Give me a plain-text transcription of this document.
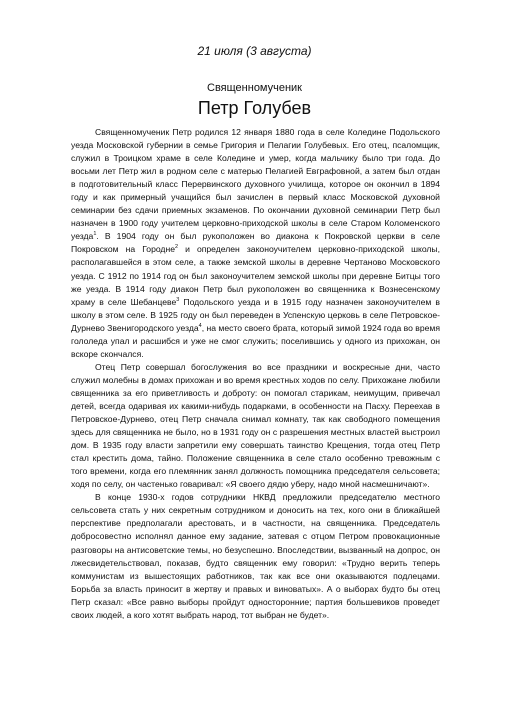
21 июля (3 августа)
Священномученик
Петр Голубев

Священномученик Петр родился 12 января 1880 года в селе Коледине Подольского уезда Московской губернии в семье Григория и Пелагии Голубевых. Его отец, псаломщик, служил в Троицком храме в селе Коледине и умер, когда мальчику было три года. До восьми лет Петр жил в родном селе с матерью Пелагией Евграфовной, а затем был отдан в подготовительный класс Перервинского духовного училища, которое он окончил в 1894 году и как примерный учащийся был зачислен в первый класс Московской духовной семинарии без сдачи приемных экзаменов. По окончании духовной семинарии Петр был назначен в 1900 году учителем церковно-приходской школы в селе Старом Коломенского уезда$^1$. В 1904 году он был рукоположен во диакона к Покровской церкви в селе Покровском на Городне$^2$ и определен законоучителем церковно-приходской школы, располагавшейся в этом селе, а также земской школы в деревне Чертаново Московского уезда. С 1912 по 1914 год он был законоучителем земской школы при деревне Битцы того же уезда. В 1914 году диакон Петр был рукоположен во священника к Вознесенскому храму в селе Шебанцеве$^3$ Подольского уезда и в 1915 году назначен законоучителем в школу в этом селе. В 1925 году он был переведен в Успенскую церковь в селе Петровское-Дурнево Звенигородского уезда$^4$, на место своего брата, который зимой 1924 года во время гололеда упал и расшибся и уже не смог служить; поселившись у одного из прихожан, он вскоре скончался.

Отец Петр совершал богослужения во все праздники и воскресные дни, часто служил молебны в домах прихожан и во время крестных ходов по селу. Прихожане любили священника за его приветливость и доброту: он помогал старикам, неимущим, привечал детей, всегда одаривая их какими-нибудь подарками, в особенности на Пасху. Переехав в Петровское-Дурнево, отец Петр сначала снимал комнату, так как свободного помещения здесь для священника не было, но в 1931 году он с разрешения местных властей выстроил дом. В 1935 году власти запретили ему совершать таинство Крещения, тогда отец Петр стал крестить дома, тайно. Положение священника в селе стало особенно тревожным с того времени, когда его племянник занял должность помощника председателя сельсовета; ходя по селу, он частенько говаривал: «Я своего дядю уберу, надо мной насмешничают».

В конце 1930-х годов сотрудники НКВД предложили председателю местного сельсовета стать у них секретным сотрудником и доносить на тех, кого они в ближайшей перспективе предполагали арестовать, и в частности, на священника. Председатель добросовестно исполнял данное ему задание, затевая с отцом Петром провокационные разговоры на антисоветские темы, но безуспешно. Впоследствии, вызванный на допрос, он лжесвидетельствовал, показав, будто священник ему говорил: «Трудно верить теперь коммунистам из вышестоящих работников, так как все они оказываются подлецами. Борьба за власть приносит в жертву и правых и виноватых». А о выборах будто бы отец Петр сказал: «Все равно выборы пройдут односторонние; партия большевиков проведет своих людей, а кого хотят выбрать народ, тот выбран не будет».
